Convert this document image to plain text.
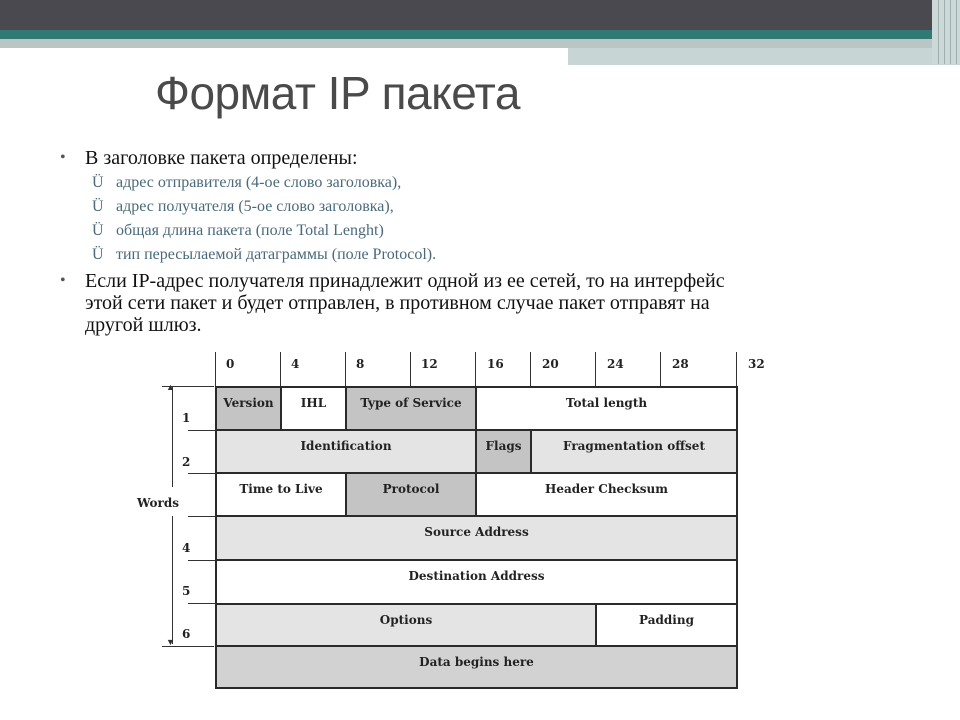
Формат IP пакета
• В заголовке пакета определены:
Ü адрес отправителя (4-ое слово заголовка),
Ü адрес получателя (5-ое слово заголовка),
Ü общая длина пакета (поле Total Lenght)
Ü тип пересылаемой датаграммы (поле Protocol).
• Если IP-адрес получателя принадлежит одной из ее сетей, то на интерфейс
этой сети пакет и будет отправлен, в противном случае пакет отправят на
другой шлюз.
0	4	8	12	16	20	24	28	32
Words
▲
▼
1
2
4
5
6
Version	IHL	Type of Service	Total length
Identification	Flags	Fragmentation offset
Time to Live	Protocol	Header Checksum
Source Address
Destination Address
Options	Padding
Data begins here
